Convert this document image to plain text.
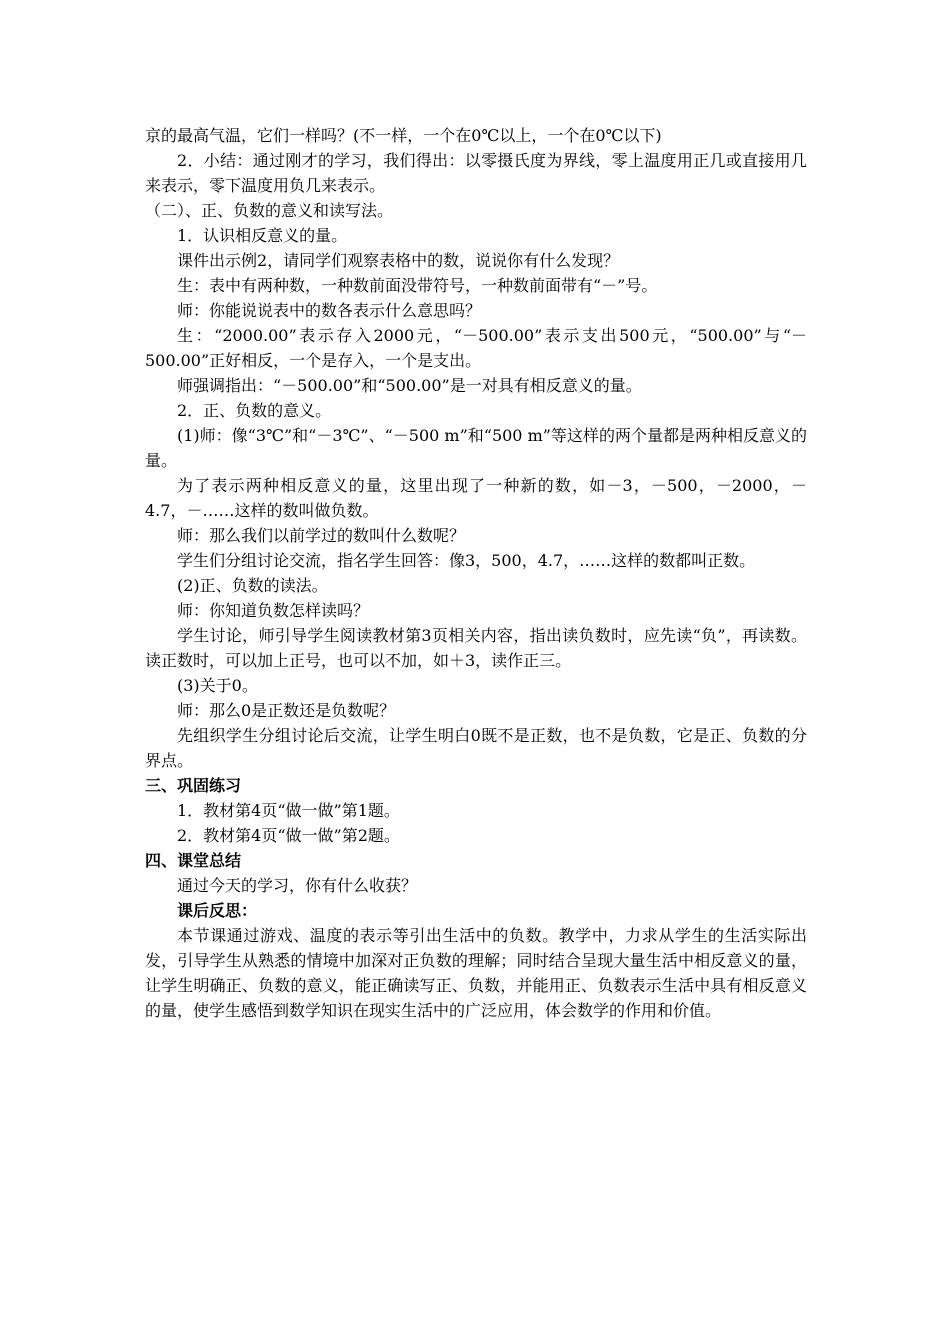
京的最高气温，它们一样吗？(不一样，一个在0℃以上，一个在0℃以下)

2．小结：通过刚才的学习，我们得出：以零摄氏度为界线，零上温度用正几或直接用几来表示，零下温度用负几来表示。

（二）、正、负数的意义和读写法。

1．认识相反意义的量。

课件出示例2，请同学们观察表格中的数，说说你有什么发现？

生：表中有两种数，一种数前面没带符号，一种数前面带有“－”号。

师：你能说说表中的数各表示什么意思吗？

生：“2000.00”表示存入2000元，“－500.00”表示支出500元，“500.00”与“－500.00”正好相反，一个是存入，一个是支出。

师强调指出：“－500.00”和“500.00”是一对具有相反意义的量。

2．正、负数的意义。

(1)师：像“3℃”和“－3℃”、“－500 m”和“500 m”等这样的两个量都是两种相反意义的量。

为了表示两种相反意义的量，这里出现了一种新的数，如－3，－500，－2000，－4.7，－……这样的数叫做负数。

师：那么我们以前学过的数叫什么数呢？

学生们分组讨论交流，指名学生回答：像3，500，4.7，……这样的数都叫正数。

(2)正、负数的读法。

师：你知道负数怎样读吗？

学生讨论，师引导学生阅读教材第3页相关内容，指出读负数时，应先读“负”，再读数。读正数时，可以加上正号，也可以不加，如＋3，读作正三。

(3)关于0。

师：那么0是正数还是负数呢？

先组织学生分组讨论后交流，让学生明白0既不是正数，也不是负数，它是正、负数的分界点。

三、巩固练习

1．教材第4页“做一做”第1题。

2．教材第4页“做一做”第2题。

四、课堂总结

通过今天的学习，你有什么收获？

课后反思：

本节课通过游戏、温度的表示等引出生活中的负数。教学中，力求从学生的生活实际出发，引导学生从熟悉的情境中加深对正负数的理解；同时结合呈现大量生活中相反意义的量，让学生明确正、负数的意义，能正确读写正、负数，并能用正、负数表示生活中具有相反意义的量，使学生感悟到数学知识在现实生活中的广泛应用，体会数学的作用和价值。
